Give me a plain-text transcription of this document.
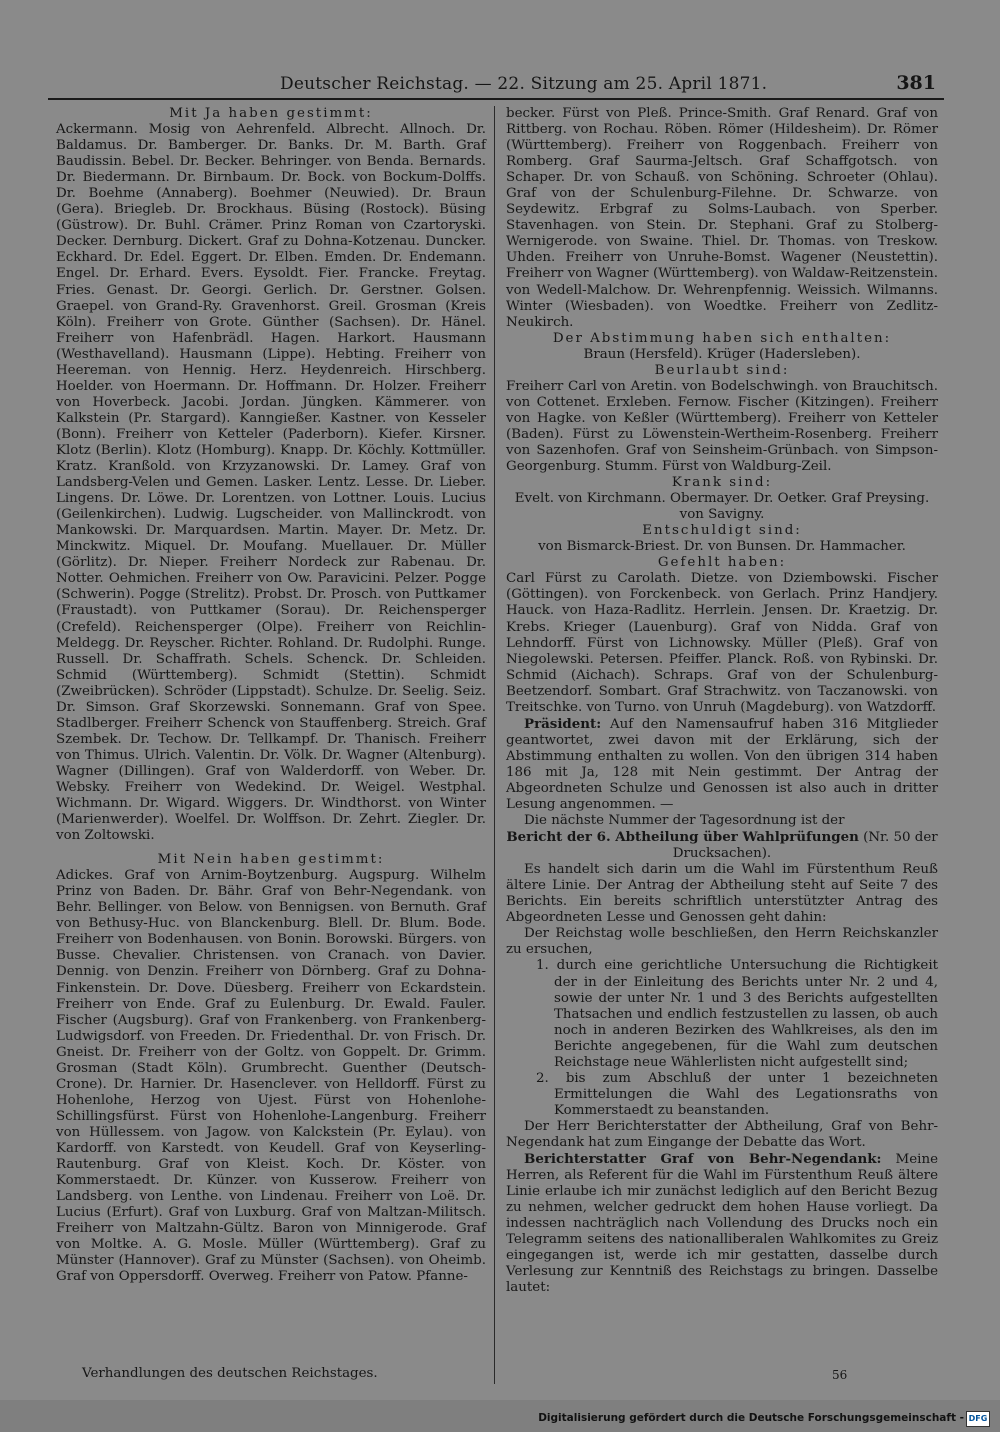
Deutscher Reichstag. — 22. Sitzung am 25. April 1871.	381

Mit Ja haben gestimmt:

Ackermann. Mosig von Aehrenfeld. Albrecht. Allnoch. Dr. Baldamus. Dr. Bamberger. Dr. Banks. Dr. M. Barth. Graf Baudissin. Bebel. Dr. Becker. Behringer. von Benda. Bernards. Dr. Biedermann. Dr. Birnbaum. Dr. Bock. von Bockum-Dolffs. Dr. Boehme (Annaberg). Boehmer (Neuwied). Dr. Braun (Gera). Briegleb. Dr. Brockhaus. Büsing (Rostock). Büsing (Güstrow). Dr. Buhl. Crämer. Prinz Roman von Czartoryski. Decker. Dernburg. Dickert. Graf zu Dohna-Kotzenau. Duncker. Eckhard. Dr. Edel. Eggert. Dr. Elben. Emden. Dr. Endemann. Engel. Dr. Erhard. Evers. Eysoldt. Fier. Francke. Freytag. Fries. Genast. Dr. Georgi. Gerlich. Dr. Gerstner. Golsen. Graepel. von Grand-Ry. Gravenhorst. Greil. Grosman (Kreis Köln). Freiherr von Grote. Günther (Sachsen). Dr. Hänel. Freiherr von Hafenbrädl. Hagen. Harkort. Hausmann (Westhavelland). Hausmann (Lippe). Hebting. Freiherr von Heereman. von Hennig. Herz. Heydenreich. Hirschberg. Hoelder. von Hoermann. Dr. Hoffmann. Dr. Holzer. Freiherr von Hoverbeck. Jacobi. Jordan. Jüngken. Kämmerer. von Kalkstein (Pr. Stargard). Kanngießer. Kastner. von Kesseler (Bonn). Freiherr von Ketteler (Paderborn). Kiefer. Kirsner. Klotz (Berlin). Klotz (Homburg). Knapp. Dr. Köchly. Kottmüller. Kratz. Kranßold. von Krzyzanowski. Dr. Lamey. Graf von Landsberg-Velen und Gemen. Lasker. Lentz. Lesse. Dr. Lieber. Lingens. Dr. Löwe. Dr. Lorentzen. von Lottner. Louis. Lucius (Geilenkirchen). Ludwig. Lugscheider. von Mallinckrodt. von Mankowski. Dr. Marquardsen. Martin. Mayer. Dr. Metz. Dr. Minckwitz. Miquel. Dr. Moufang. Muellauer. Dr. Müller (Görlitz). Dr. Nieper. Freiherr Nordeck zur Rabenau. Dr. Notter. Oehmichen. Freiherr von Ow. Paravicini. Pelzer. Pogge (Schwerin). Pogge (Strelitz). Probst. Dr. Prosch. von Puttkamer (Fraustadt). von Puttkamer (Sorau). Dr. Reichensperger (Crefeld). Reichensperger (Olpe). Freiherr von Reichlin-Meldegg. Dr. Reyscher. Richter. Rohland. Dr. Rudolphi. Runge. Russell. Dr. Schaffrath. Schels. Schenck. Dr. Schleiden. Schmid (Württemberg). Schmidt (Stettin). Schmidt (Zweibrücken). Schröder (Lippstadt). Schulze. Dr. Seelig. Seiz. Dr. Simson. Graf Skorzewski. Sonnemann. Graf von Spee. Stadlberger. Freiherr Schenck von Stauffenberg. Streich. Graf Szembek. Dr. Techow. Dr. Tellkampf. Dr. Thanisch. Freiherr von Thimus. Ulrich. Valentin. Dr. Völk. Dr. Wagner (Altenburg). Wagner (Dillingen). Graf von Walderdorff. von Weber. Dr. Websky. Freiherr von Wedekind. Dr. Weigel. Westphal. Wichmann. Dr. Wigard. Wiggers. Dr. Windthorst. von Winter (Marienwerder). Woelfel. Dr. Wolffson. Dr. Zehrt. Ziegler. Dr. von Zoltowski.

Mit Nein haben gestimmt:

Adickes. Graf von Arnim-Boytzenburg. Augspurg. Wilhelm Prinz von Baden. Dr. Bähr. Graf von Behr-Negendank. von Behr. Bellinger. von Below. von Bennigsen. von Bernuth. Graf von Bethusy-Huc. von Blanckenburg. Blell. Dr. Blum. Bode. Freiherr von Bodenhausen. von Bonin. Borowski. Bürgers. von Busse. Chevalier. Christensen. von Cranach. von Davier. Dennig. von Denzin. Freiherr von Dörnberg. Graf zu Dohna-Finkenstein. Dr. Dove. Düesberg. Freiherr von Eckardstein. Freiherr von Ende. Graf zu Eulenburg. Dr. Ewald. Fauler. Fischer (Augsburg). Graf von Frankenberg. von Frankenberg-Ludwigsdorf. von Freeden. Dr. Friedenthal. Dr. von Frisch. Dr. Gneist. Dr. Freiherr von der Goltz. von Goppelt. Dr. Grimm. Grosman (Stadt Köln). Grumbrecht. Guenther (Deutsch-Crone). Dr. Harnier. Dr. Hasenclever. von Helldorff. Fürst zu Hohenlohe, Herzog von Ujest. Fürst von Hohenlohe-Schillingsfürst. Fürst von Hohenlohe-Langenburg. Freiherr von Hüllessem. von Jagow. von Kalckstein (Pr. Eylau). von Kardorff. von Karstedt. von Keudell. Graf von Keyserling-Rautenburg. Graf von Kleist. Koch. Dr. Köster. von Kommerstaedt. Dr. Künzer. von Kusserow. Freiherr von Landsberg. von Lenthe. von Lindenau. Freiherr von Loë. Dr. Lucius (Erfurt). Graf von Luxburg. Graf von Maltzan-Militsch. Freiherr von Maltzahn-Gültz. Baron von Minnigerode. Graf von Moltke. A. G. Mosle. Müller (Württemberg). Graf zu Münster (Hannover). Graf zu Münster (Sachsen). von Oheimb. Graf von Oppersdorff. Overweg. Freiherr von Patow. Pfanne-

becker. Fürst von Pleß. Prince-Smith. Graf Renard. Graf von Rittberg. von Rochau. Röben. Römer (Hildesheim). Dr. Römer (Württemberg). Freiherr von Roggenbach. Freiherr von Romberg. Graf Saurma-Jeltsch. Graf Schaffgotsch. von Schaper. Dr. von Schauß. von Schöning. Schroeter (Ohlau). Graf von der Schulenburg-Filehne. Dr. Schwarze. von Seydewitz. Erbgraf zu Solms-Laubach. von Sperber. Stavenhagen. von Stein. Dr. Stephani. Graf zu Stolberg-Wernigerode. von Swaine. Thiel. Dr. Thomas. von Treskow. Uhden. Freiherr von Unruhe-Bomst. Wagener (Neustettin). Freiherr von Wagner (Württemberg). von Waldaw-Reitzenstein. von Wedell-Malchow. Dr. Wehrenpfennig. Weissich. Wilmanns. Winter (Wiesbaden). von Woedtke. Freiherr von Zedlitz-Neukirch.

Der Abstimmung haben sich enthalten:

Braun (Hersfeld). Krüger (Hadersleben).

Beurlaubt sind:

Freiherr Carl von Aretin. von Bodelschwingh. von Brauchitsch. von Cottenet. Erxleben. Fernow. Fischer (Kitzingen). Freiherr von Hagke. von Keßler (Württemberg). Freiherr von Ketteler (Baden). Fürst zu Löwenstein-Wertheim-Rosenberg. Freiherr von Sazenhofen. Graf von Seinsheim-Grünbach. von Simpson-Georgenburg. Stumm. Fürst von Waldburg-Zeil.

Krank sind:

Evelt. von Kirchmann. Obermayer. Dr. Oetker. Graf Preysing. von Savigny.

Entschuldigt sind:

von Bismarck-Briest. Dr. von Bunsen. Dr. Hammacher.

Gefehlt haben:

Carl Fürst zu Carolath. Dietze. von Dziembowski. Fischer (Göttingen). von Forckenbeck. von Gerlach. Prinz Handjery. Hauck. von Haza-Radlitz. Herrlein. Jensen. Dr. Kraetzig. Dr. Krebs. Krieger (Lauenburg). Graf von Nidda. Graf von Lehndorff. Fürst von Lichnowsky. Müller (Pleß). Graf von Niegolewski. Petersen. Pfeiffer. Planck. Roß. von Rybinski. Dr. Schmid (Aichach). Schraps. Graf von der Schulenburg-Beetzendorf. Sombart. Graf Strachwitz. von Taczanowski. von Treitschke. von Turno. von Unruh (Magdeburg). von Watzdorff.

Präsident: Auf den Namensaufruf haben 316 Mitglieder geantwortet, zwei davon mit der Erklärung, sich der Abstimmung enthalten zu wollen. Von den übrigen 314 haben 186 mit Ja, 128 mit Nein gestimmt. Der Antrag der Abgeordneten Schulze und Genossen ist also auch in dritter Lesung angenommen. —

Die nächste Nummer der Tagesordnung ist der

Bericht der 6. Abtheilung über Wahlprüfungen (Nr. 50 der Drucksachen).

Es handelt sich darin um die Wahl im Fürstenthum Reuß ältere Linie. Der Antrag der Abtheilung steht auf Seite 7 des Berichts. Ein bereits schriftlich unterstützter Antrag des Abgeordneten Lesse und Genossen geht dahin:

Der Reichstag wolle beschließen, den Herrn Reichskanzler zu ersuchen,

1. durch eine gerichtliche Untersuchung die Richtigkeit der in der Einleitung des Berichts unter Nr. 2 und 4, sowie der unter Nr. 1 und 3 des Berichts aufgestellten Thatsachen und endlich festzustellen zu lassen, ob auch noch in anderen Bezirken des Wahlkreises, als den im Berichte angegebenen, für die Wahl zum deutschen Reichstage neue Wählerlisten nicht aufgestellt sind;

2. bis zum Abschluß der unter 1 bezeichneten Ermittelungen die Wahl des Legationsraths von Kommerstaedt zu beanstanden.

Der Herr Berichterstatter der Abtheilung, Graf von Behr-Negendank hat zum Eingange der Debatte das Wort.

Berichterstatter Graf von Behr-Negendank: Meine Herren, als Referent für die Wahl im Fürstenthum Reuß ältere Linie erlaube ich mir zunächst lediglich auf den Bericht Bezug zu nehmen, welcher gedruckt dem hohen Hause vorliegt. Da indessen nachträglich nach Vollendung des Drucks noch ein Telegramm seitens des nationalliberalen Wahlkomites zu Greiz eingegangen ist, werde ich mir gestatten, dasselbe durch Verlesung zur Kenntniß des Reichstags zu bringen. Dasselbe lautet:

Verhandlungen des deutschen Reichstages.	56
Digitalisierung gefördert durch die Deutsche Forschungsgemeinschaft - DFG
